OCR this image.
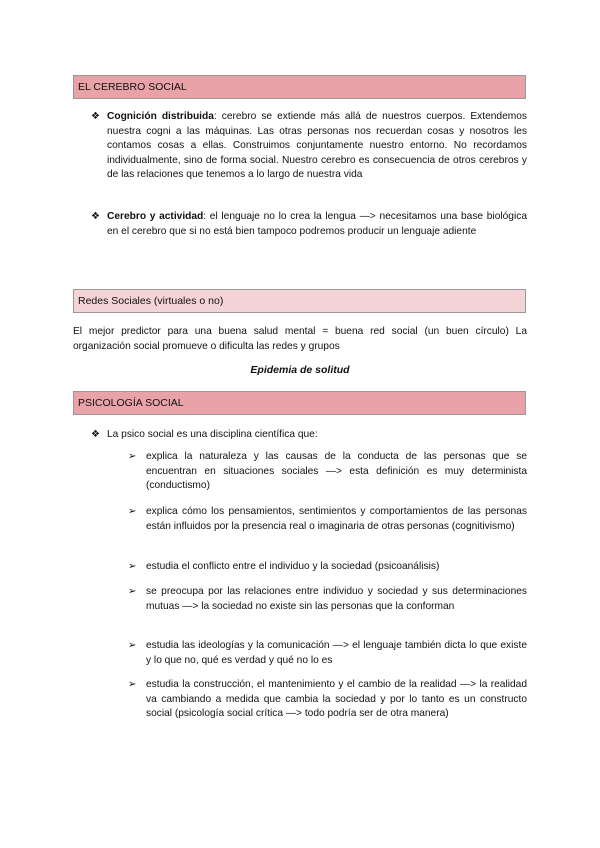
EL CEREBRO SOCIAL
❖ Cognición distribuida: cerebro se extiende más allá de nuestros cuerpos. Extendemos nuestra cogni a las máquinas. Las otras personas nos recuerdan cosas y nosotros les contamos cosas a ellas. Construimos conjuntamente nuestro entorno. No recordamos individualmente, sino de forma social. Nuestro cerebro es consecuencia de otros cerebros y de las relaciones que tenemos a lo largo de nuestra vida
❖ Cerebro y actividad: el lenguaje no lo crea la lengua —> necesitamos una base biológica en el cerebro que si no está bien tampoco podremos producir un lenguaje adiente
Redes Sociales (virtuales o no)
El mejor predictor para una buena salud mental = buena red social (un buen círculo) La organización social promueve o dificulta las redes y grupos
Epidemia de solitud
PSICOLOGÍA SOCIAL
❖ La psico social es una disciplina científica que:
➢ explica la naturaleza y las causas de la conducta de las personas que se encuentran en situaciones sociales —> esta definición es muy determinista (conductismo)
➢ explica cómo los pensamientos, sentimientos y comportamientos de las personas están influidos por la presencia real o imaginaria de otras personas (cognitivismo)
➢ estudia el conflicto entre el individuo y la sociedad (psicoanálisis)
➢ se preocupa por las relaciones entre individuo y sociedad y sus determinaciones mutuas —> la sociedad no existe sin las personas que la conforman
➢ estudia las ideologías y la comunicación —> el lenguaje también dicta lo que existe y lo que no, qué es verdad y qué no lo es
➢ estudia la construcción, el mantenimiento y el cambio de la realidad —> la realidad va cambiando a medida que cambia la sociedad y por lo tanto es un constructo social (psicología social crítica —> todo podría ser de otra manera)
